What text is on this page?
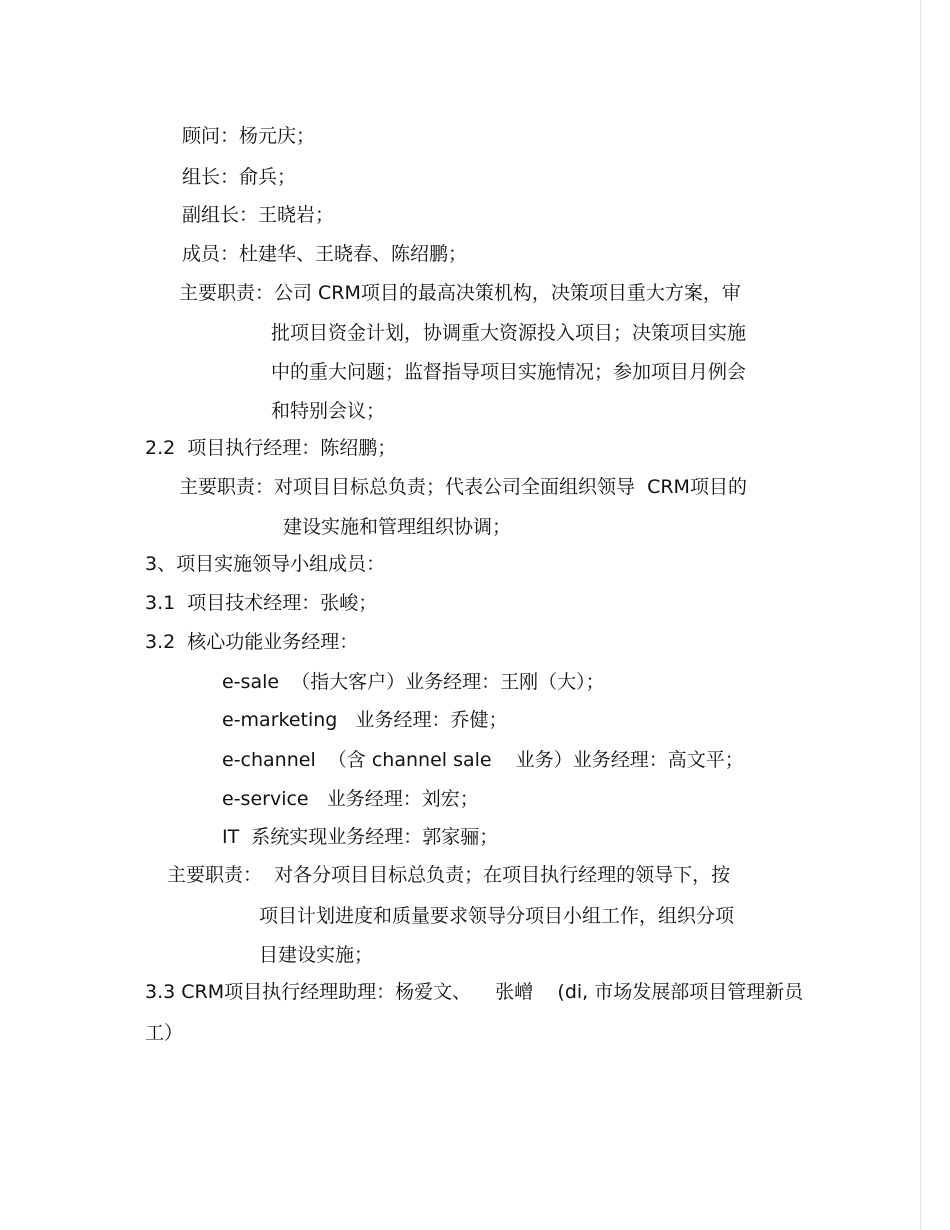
顾问：杨元庆；
组长：俞兵；
副组长：王晓岩；
成员：杜建华、王晓春、陈绍鹏；
主要职责：公司 CRM项目的最高决策机构，决策项目重大方案，审
批项目资金计划，协调重大资源投入项目；决策项目实施
中的重大问题；监督指导项目实施情况；参加项目月例会
和特别会议；
2.2  项目执行经理：陈绍鹏；
主要职责：对项目目标总负责；代表公司全面组织领导  CRM项目的
建设实施和管理组织协调；
3、项目实施领导小组成员：
3.1  项目技术经理：张峻；
3.2  核心功能业务经理：
e-sale  （指大客户）业务经理：王刚（大）；
e-marketing   业务经理：乔健；
e-channel  （含 channel sale    业务）业务经理：高文平；
e-service   业务经理：刘宏；
IT  系统实现业务经理：郭家骊；
主要职责：  对各分项目目标总负责；在项目执行经理的领导下，按
项目计划进度和质量要求领导分项目小组工作，组织分项
目建设实施；
3.3 CRM项目执行经理助理：杨爱文、    张嶒    (di, 市场发展部项目管理新员
工）
